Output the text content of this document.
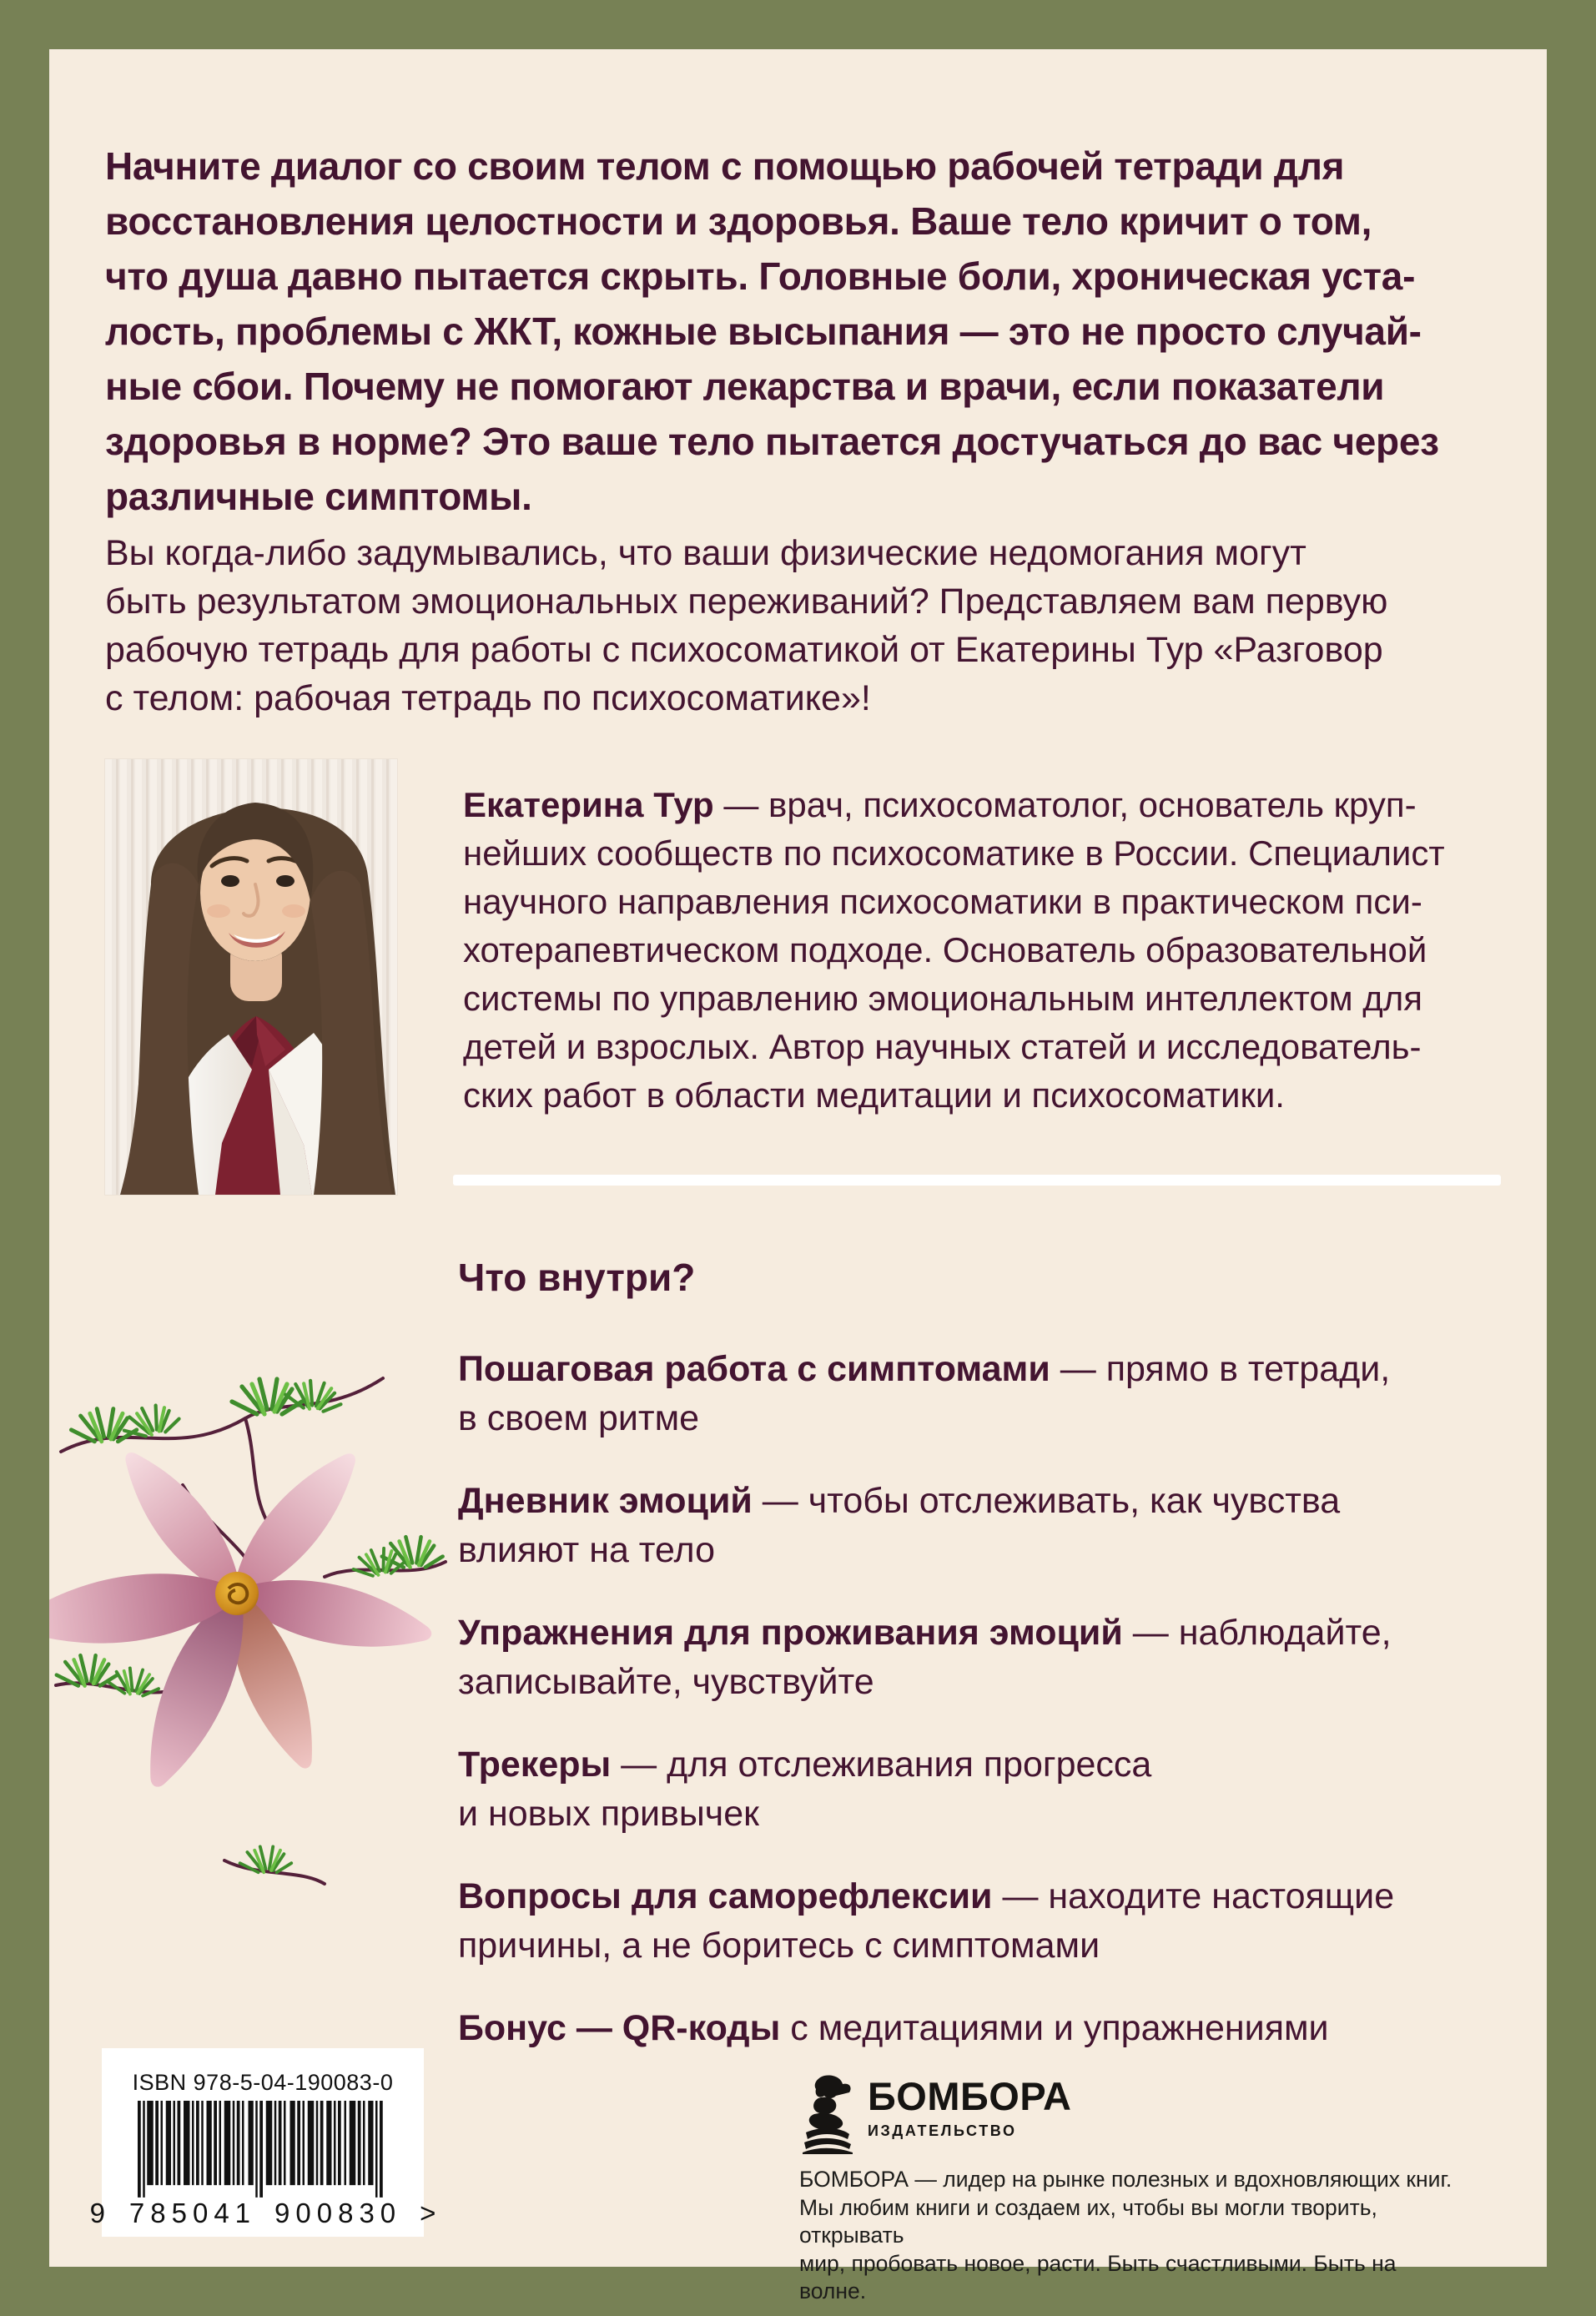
Начните диалог со своим телом с помощью рабочей тетради для
восстановления целостности и здоровья. Ваше тело кричит о том,
что душа давно пытается скрыть. Головные боли, хроническая уста-
лость, проблемы с ЖКТ, кожные высыпания — это не просто случай-
ные сбои. Почему не помогают лекарства и врачи, если показатели
здоровья в норме? Это ваше тело пытается достучаться до вас через
различные симптомы.
Вы когда-либо задумывались, что ваши физические недомогания могут
быть результатом эмоциональных переживаний? Представляем вам первую
рабочую тетрадь для работы с психосоматикой от Екатерины Тур «Разговор
с телом: рабочая тетрадь по психосоматике»!
Екатерина Тур — врач, психосоматолог, основатель круп-
нейших сообществ по психосоматике в России. Специалист
научного направления психосоматики в практическом пси-
хотерапевтическом подходе. Основатель образовательной
системы по управлению эмоциональным интеллектом для
детей и взрослых. Автор научных статей и исследователь-
ских работ в области медитации и психосоматики.
Что внутри?
Пошаговая работа с симптомами — прямо в тетради,
в своем ритме
Дневник эмоций — чтобы отслеживать, как чувства
влияют на тело
Упражнения для проживания эмоций — наблюдайте,
записывайте, чувствуйте
Трекеры — для отслеживания прогресса
и новых привычек
Вопросы для саморефлексии — находите настоящие
причины, а не боритесь с симптомами
Бонус — QR-коды с медитациями и упражнениями
ISBN 978-5-04-190083-0
9 785041 900830 >
БОМБОРА
ИЗДАТЕЛЬСТВО
БОМБОРА — лидер на рынке полезных и вдохновляющих книг.
Мы любим книги и создаем их, чтобы вы могли творить, открывать
мир, пробовать новое, расти. Быть счастливыми. Быть на волне.
